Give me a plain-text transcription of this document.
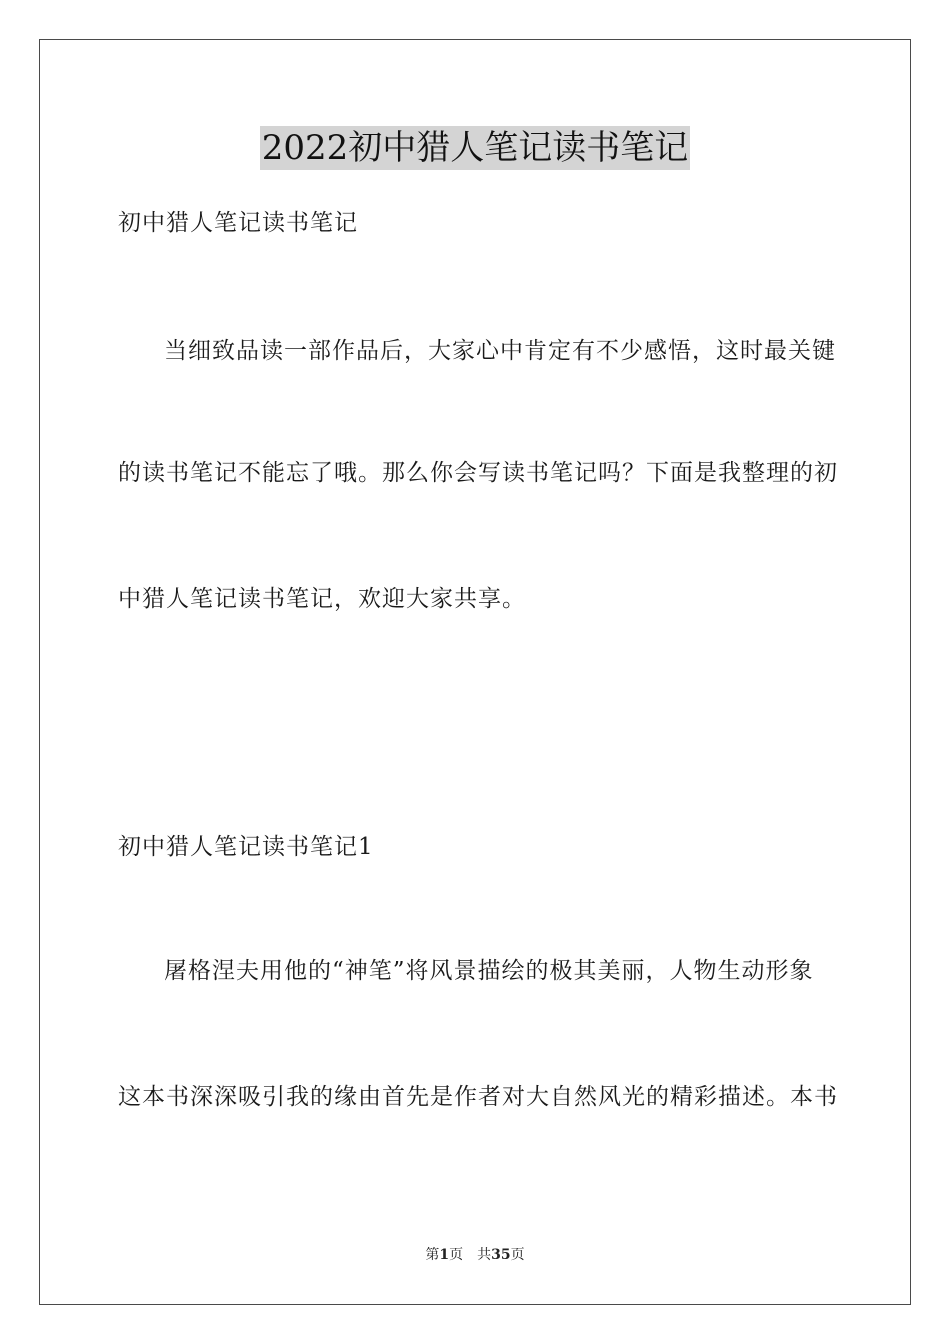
2022初中猎人笔记读书笔记
初中猎人笔记读书笔记
当细致品读一部作品后，大家心中肯定有不少感悟，这时最关键
的读书笔记不能忘了哦。那么你会写读书笔记吗？下面是我整理的初
中猎人笔记读书笔记，欢迎大家共享。
初中猎人笔记读书笔记1
屠格涅夫用他的“神笔”将风景描绘的极其美丽，人物生动形象
这本书深深吸引我的缘由首先是作者对大自然风光的精彩描述。本书
第1页 共35页
